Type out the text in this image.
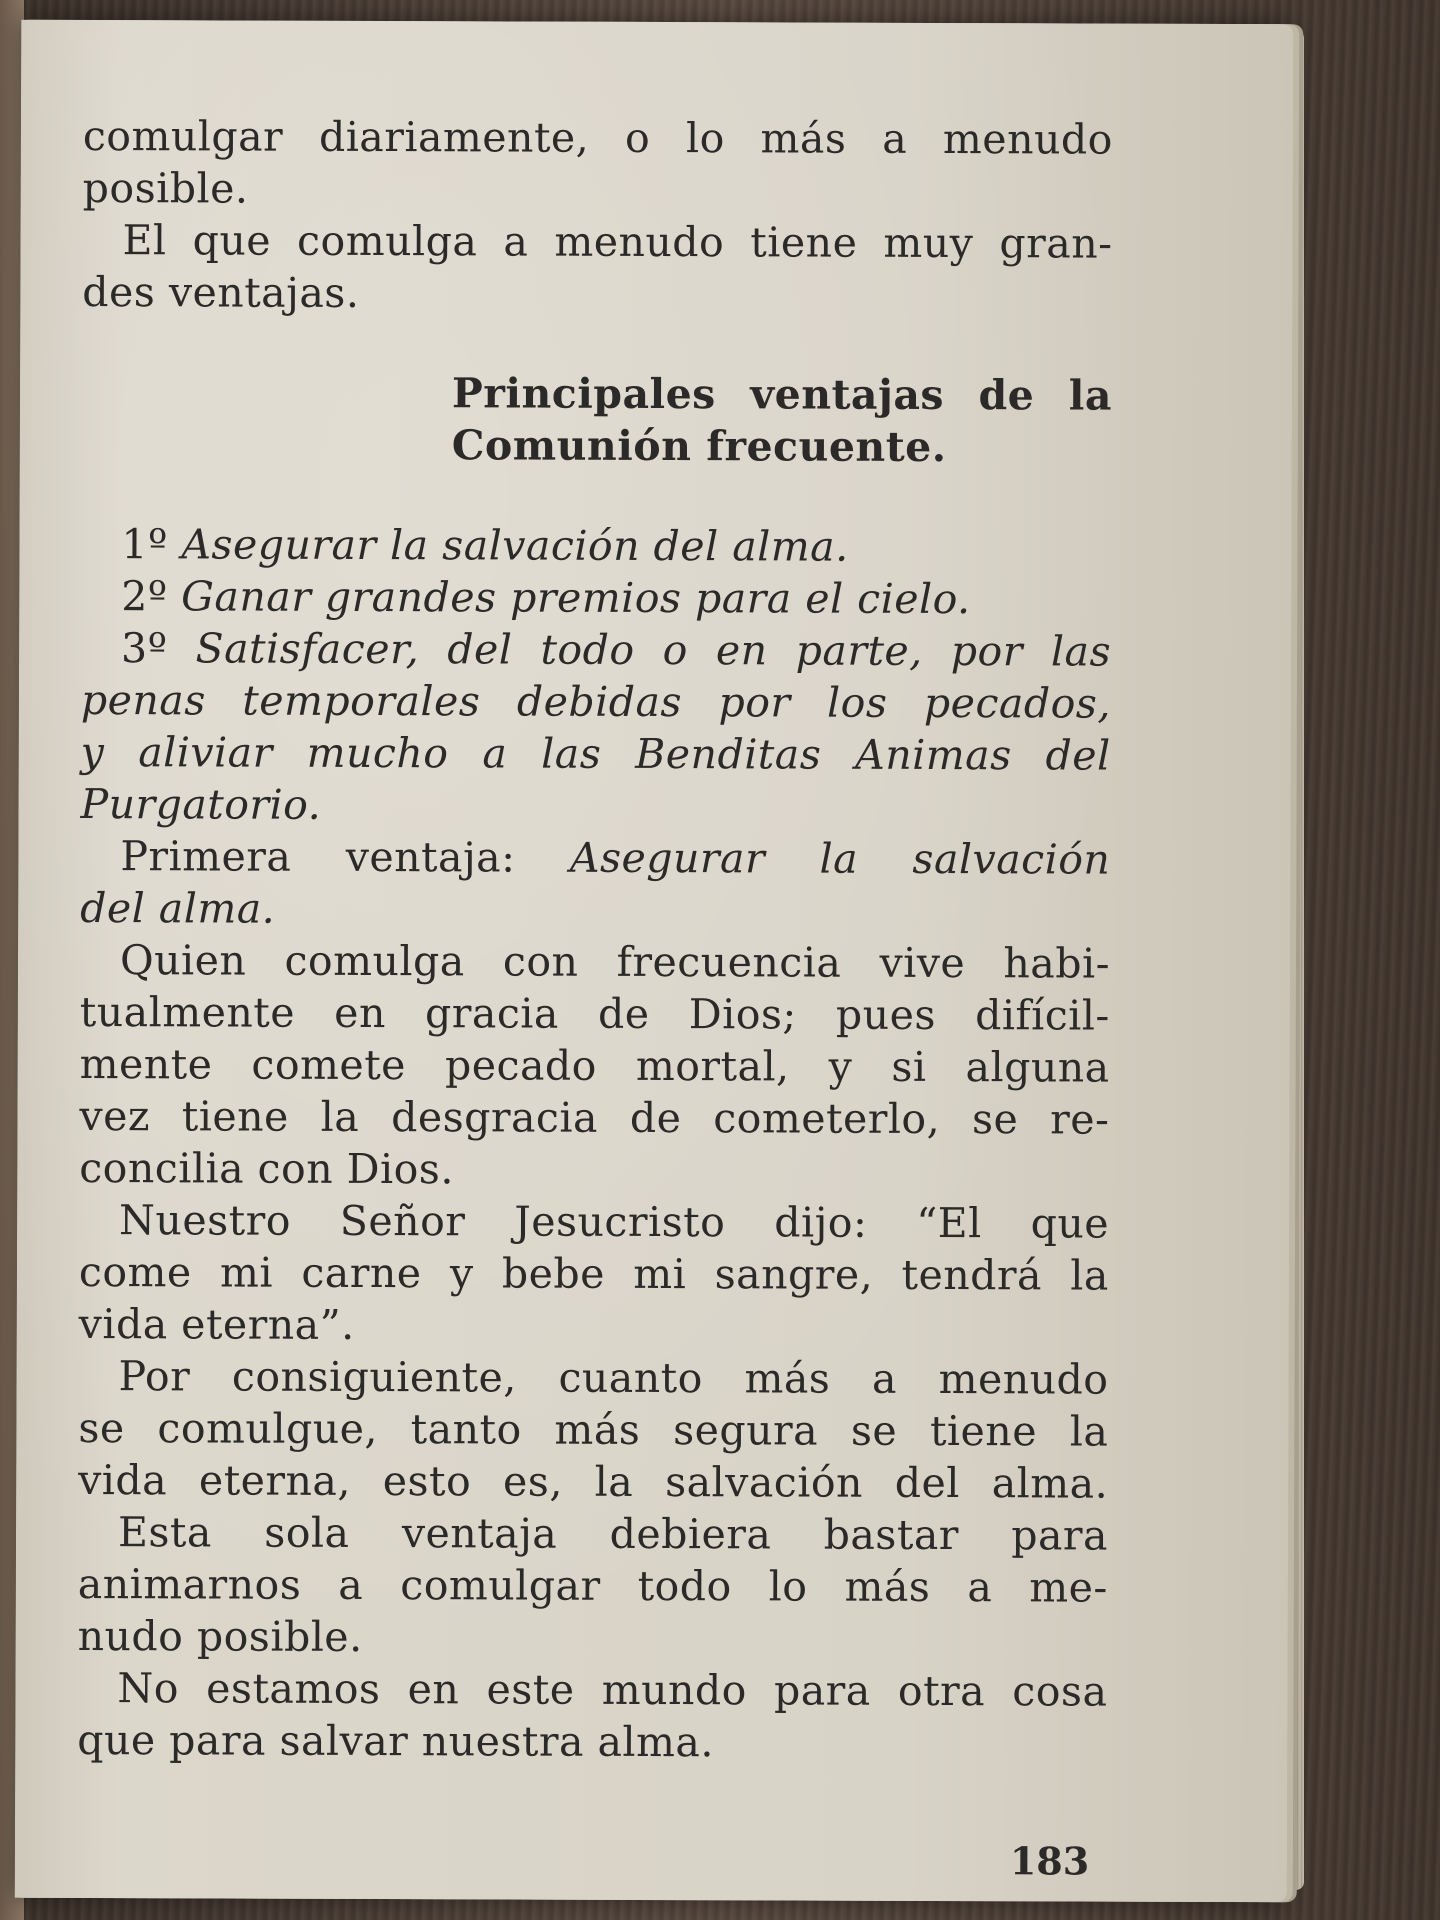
comulgar diariamente, o lo más a menudo
posible.
El que comulga a menudo tiene muy gran-
des ventajas.
Principales ventajas de la
Comunión frecuente.
1º Asegurar la salvación del alma.
2º Ganar grandes premios para el cielo.
3º Satisfacer, del todo o en parte, por las
penas temporales debidas por los pecados,
y aliviar mucho a las Benditas Animas del
Purgatorio.
Primera ventaja: Asegurar la salvación
del alma.
Quien comulga con frecuencia vive habi-
tualmente en gracia de Dios; pues difícil-
mente comete pecado mortal, y si alguna
vez tiene la desgracia de cometerlo, se re-
concilia con Dios.
Nuestro Señor Jesucristo dijo: “El que
come mi carne y bebe mi sangre, tendrá la
vida eterna”.
Por consiguiente, cuanto más a menudo
se comulgue, tanto más segura se tiene la
vida eterna, esto es, la salvación del alma.
Esta sola ventaja debiera bastar para
animarnos a comulgar todo lo más a me-
nudo posible.
No estamos en este mundo para otra cosa
que para salvar nuestra alma.
183
